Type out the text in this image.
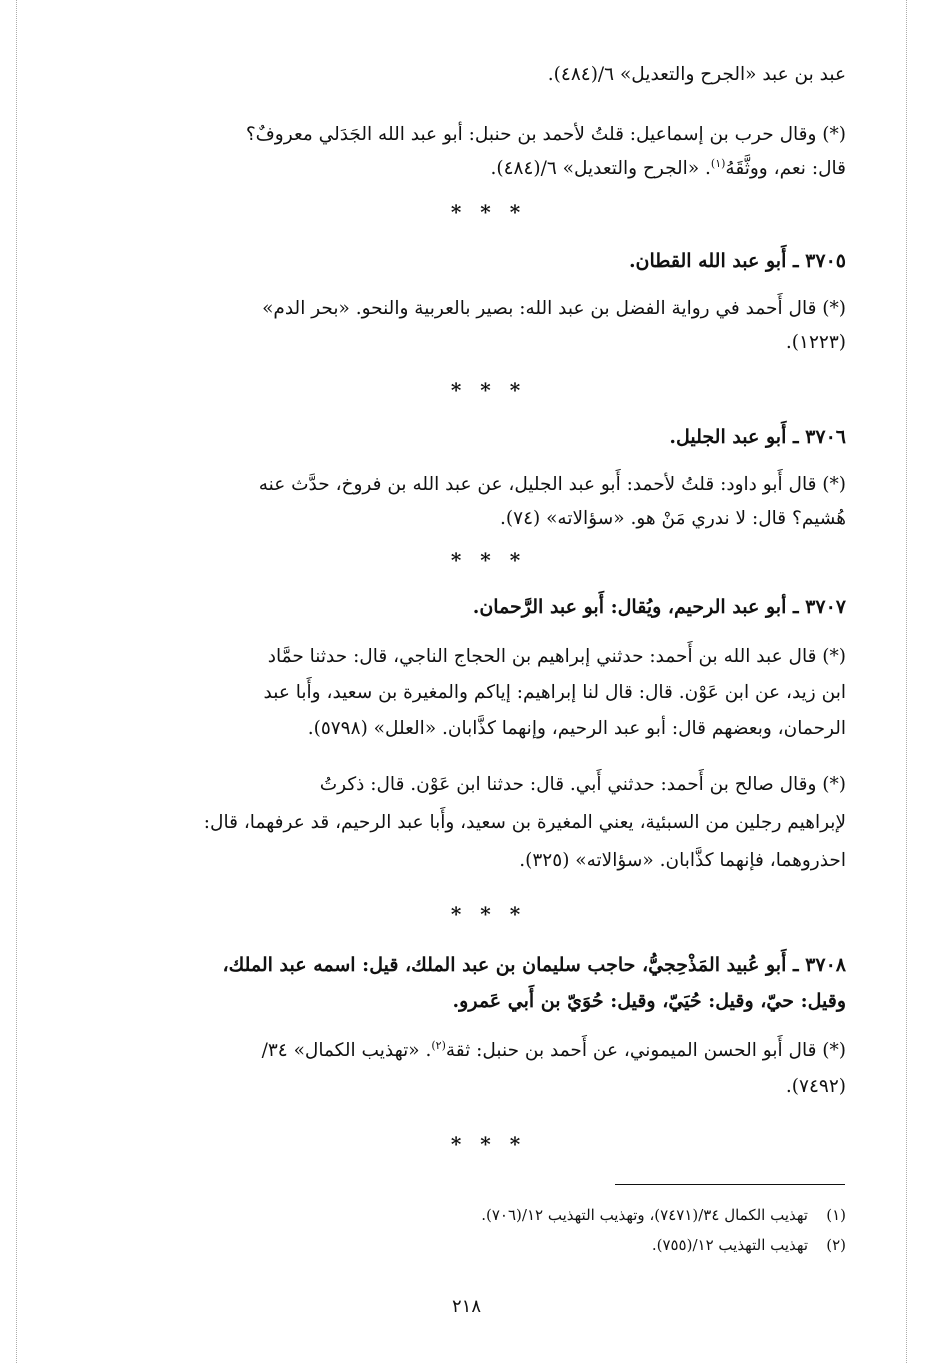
عبد بن عبد «الجرح والتعديل» ٦/(٤٨٤).

(*) وقال حرب بن إسماعيل: قلتُ لأحمد بن حنبل: أبو عبد الله الجَدَلي معروفٌ؟

قال: نعم، ووثَّقَهُ$^{(١)}$. «الجرح والتعديل» ٦/(٤٨٤).

* * *

٣٧٠٥ ـ أَبو عبد الله القطان.

(*) قال أَحمد في رواية الفضل بن عبد الله: بصير بالعربية والنحو. «بحر الدم»

(١٢٢٣).

* * *

٣٧٠٦ ـ أَبو عبد الجليل.

(*) قال أَبو داود: قلتُ لأحمد: أَبو عبد الجليل، عن عبد الله بن فروخ، حدَّث عنه

هُشيم؟ قال: لا ندري مَنْ هو. «سؤالاته» (٧٤).

* * *

٣٧٠٧ ـ أبو عبد الرحيم، ويُقال: أَبو عبد الرَّحمان.

(*) قال عبد الله بن أَحمد: حدثني إبراهيم بن الحجاج الناجي، قال: حدثنا حمَّاد

ابن زيد، عن ابن عَوْن. قال: قال لنا إبراهيم: إياكم والمغيرة بن سعيد، وأَبا عبد

الرحمان، وبعضهم قال: أبو عبد الرحيم، وإنهما كذَّابان. «العلل» (٥٧٩٨).

(*) وقال صالح بن أَحمد: حدثني أَبي. قال: حدثنا ابن عَوْن. قال: ذكرتُ

لإبراهيم رجلين من السبئية، يعني المغيرة بن سعيد، وأَبا عبد الرحيم، قد عرفهما، قال:

احذروهما، فإنهما كذَّابان. «سؤالاته» (٣٢٥).

* * *

٣٧٠٨ ـ أَبو عُبيد المَذْحِجيُّ، حاجب سليمان بن عبد الملك، قيل: اسمه عبد الملك،

وقيل: حيّ، وقيل: حُيَيّ، وقيل: حُوَيّ بن أَبي عَمرو.

(*) قال أَبو الحسن الميموني، عن أَحمد بن حنبل: ثقة$^{(٢)}$. «تهذيب الكمال» ٣٤/

(٧٤٩٢).

* * *
(١)تهذيب الكمال ٣٤/(٧٤٧١)، وتهذيب التهذيب ١٢/(٧٠٦).
(٢)تهذيب التهذيب ١٢/(٧٥٥).
٢١٨
